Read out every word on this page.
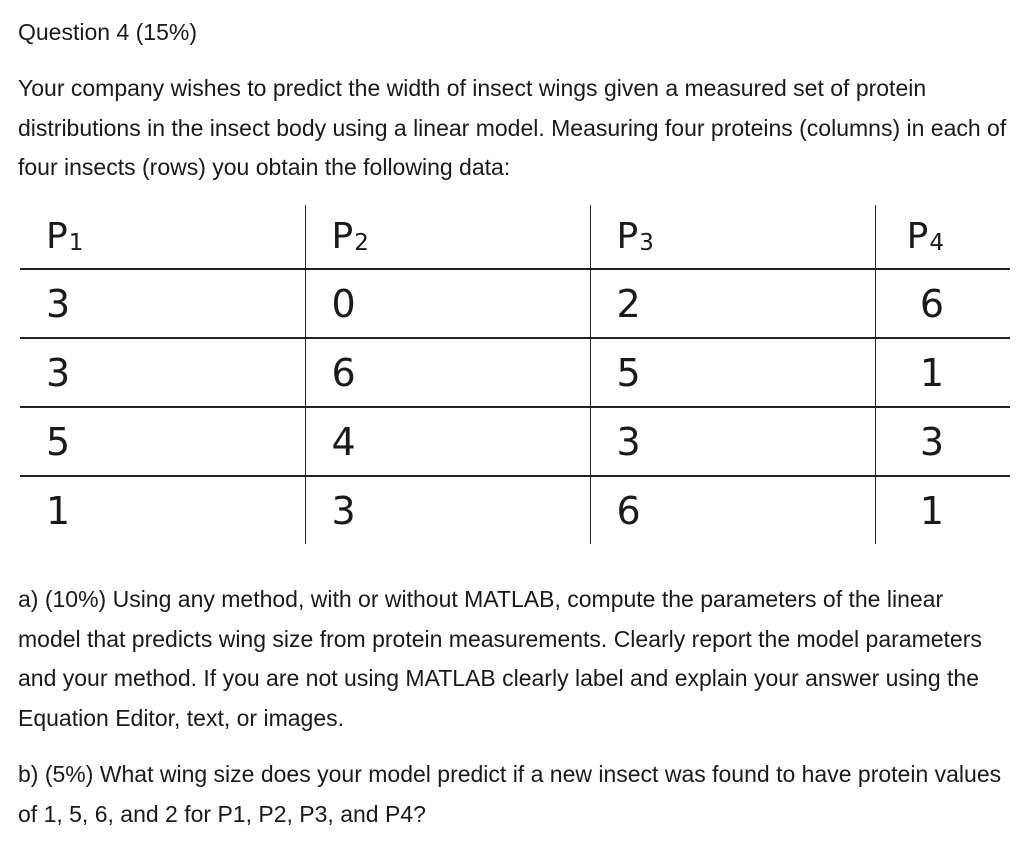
Question 4 (15%)

Your company wishes to predict the width of insect wings given a measured set of protein distributions in the insect body using a linear model. Measuring four proteins (columns) in each of four insects (rows) you obtain the following data:

$P_1$	$P_2$	$P_3$	$P_4$
3	0	2	6
3	6	5	1
5	4	3	3
1	3	6	1

a) (10%) Using any method, with or without MATLAB, compute the parameters of the linear model that predicts wing size from protein measurements. Clearly report the model parameters and your method. If you are not using MATLAB clearly label and explain your answer using the Equation Editor, text, or images.

b) (5%) What wing size does your model predict if a new insect was found to have protein values of 1, 5, 6, and 2 for P1, P2, P3, and P4?
